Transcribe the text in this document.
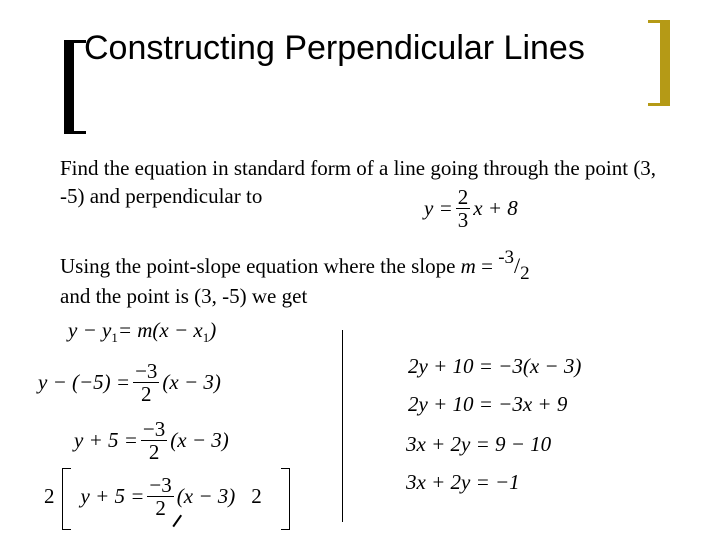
Constructing Perpendicular Lines

Find the equation in standard form of a line going through the point (3, -5) and perpendicular to	$y = \frac{2}{3}$ x + 8

Using the point-slope equation where the slope m = -3/2
and the point is (3, -5) we get

y − y 1 = m(x − x 1 )
$y - (-5) = \frac{-3}{2} (x - 3)$
$y + 5 = \frac{-3}{2} (x - 3)$
2 $y + 5 = \frac{-3}{2} (x - 3)$ 2
2y + 10 = −3(x − 3)
2y + 10 = −3x + 9
3x + 2y = 9 − 10
3x + 2y = −1
